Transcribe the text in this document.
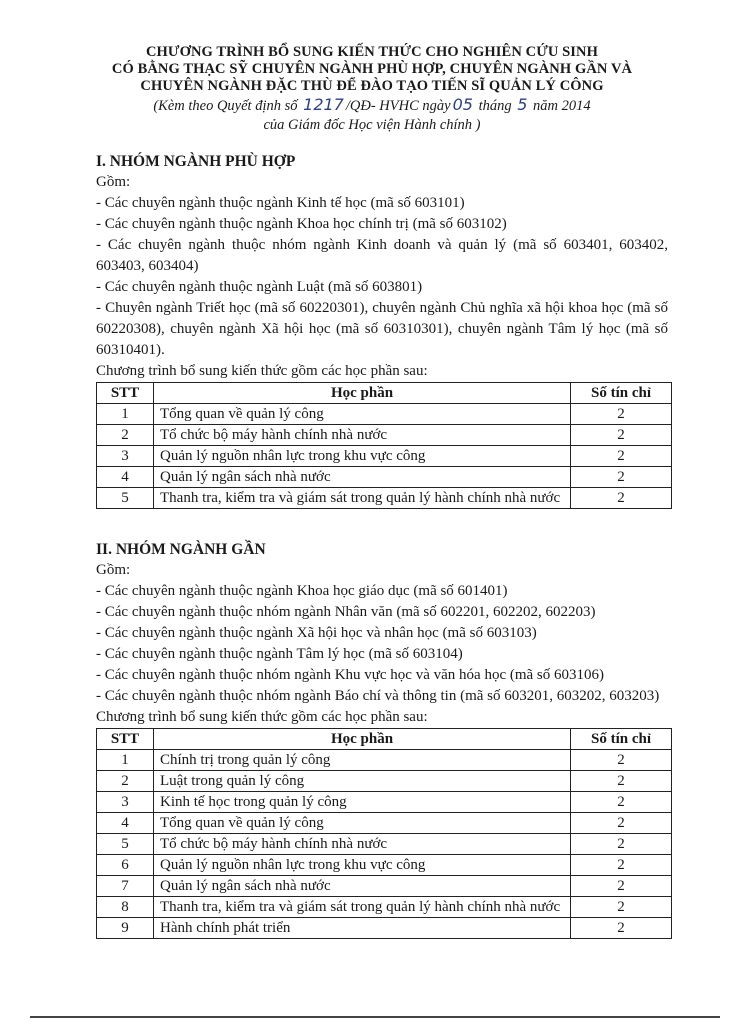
CHƯƠNG TRÌNH BỔ SUNG KIẾN THỨC CHO NGHIÊN CỨU SINH
CÓ BẰNG THẠC SỸ CHUYÊN NGÀNH PHÙ HỢP, CHUYÊN NGÀNH GẦN VÀ
CHUYÊN NGÀNH ĐẶC THÙ ĐỂ ĐÀO TẠO TIẾN SĨ QUẢN LÝ CÔNG
(Kèm theo Quyết định số 1217 /QĐ- HVHC ngày 05 tháng 5 năm 2014
của Giám đốc Học viện Hành chính )
I. NHÓM NGÀNH PHÙ HỢP
Gồm:
- Các chuyên ngành thuộc ngành Kinh tế học (mã số 603101)
- Các chuyên ngành thuộc ngành Khoa học chính trị (mã số 603102)
- Các chuyên ngành thuộc nhóm ngành Kinh doanh và quản lý (mã số 603401, 603402, 603403, 603404)
- Các chuyên ngành thuộc ngành Luật (mã số 603801)
- Chuyên ngành Triết học (mã số 60220301), chuyên ngành Chủ nghĩa xã hội khoa học (mã số 60220308), chuyên ngành Xã hội học (mã số 60310301), chuyên ngành Tâm lý học (mã số 60310401).
Chương trình bổ sung kiến thức gồm các học phần sau:
STT	Học phần	Số tín chỉ
1	Tổng quan về quản lý công	2
2	Tổ chức bộ máy hành chính nhà nước	2
3	Quản lý nguồn nhân lực trong khu vực công	2
4	Quản lý ngân sách nhà nước	2
5	Thanh tra, kiểm tra và giám sát trong quản lý hành chính nhà nước	2
II. NHÓM NGÀNH GẦN
Gồm:
- Các chuyên ngành thuộc ngành Khoa học giáo dục (mã số 601401)
- Các chuyên ngành thuộc nhóm ngành Nhân văn (mã số 602201, 602202, 602203)
- Các chuyên ngành thuộc ngành Xã hội học và nhân học (mã số 603103)
- Các chuyên ngành thuộc ngành Tâm lý học (mã số 603104)
- Các chuyên ngành thuộc nhóm ngành Khu vực học và văn hóa học (mã số 603106)
- Các chuyên ngành thuộc nhóm ngành Báo chí và thông tin (mã số 603201, 603202, 603203)
Chương trình bổ sung kiến thức gồm các học phần sau:
STT	Học phần	Số tín chỉ
1	Chính trị trong quản lý công	2
2	Luật trong quản lý công	2
3	Kinh tế học trong quản lý công	2
4	Tổng quan về quản lý công	2
5	Tổ chức bộ máy hành chính nhà nước	2
6	Quản lý nguồn nhân lực trong khu vực công	2
7	Quản lý ngân sách nhà nước	2
8	Thanh tra, kiểm tra và giám sát trong quản lý hành chính nhà nước	2
9	Hành chính phát triển	2
